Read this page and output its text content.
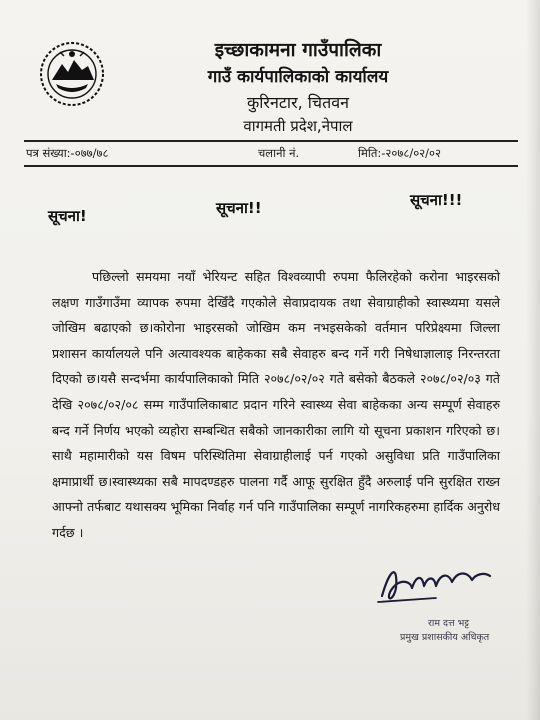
इच्छाकामना गाउँपालिका
गाउँ कार्यपालिकाको कार्यालय
कुरिनटार, चितवन
वागमती प्रदेश,नेपाल
पत्र संख्या:-०७७/७८	चलानी नं.	मिति:-२०७८/०२/०२
सूचना!	सूचना!!	सूचना!!!

पछिल्लो समयमा नयाँ भेरियन्ट सहित विश्वव्यापी रुपमा फैलिरहेको करोना भाइरसको लक्षण गाउँगाउँमा व्यापक रुपमा देखिँदै गएकोले सेवाप्रदायक तथा सेवाग्राहीको स्वास्थ्यमा यसले जोखिम बढाएको छ।कोरोना भाइरसको जोखिम कम नभइसकेको वर्तमान परिप्रेक्ष्यमा जिल्ला प्रशासन कार्यालयले पनि अत्यावश्यक बाहेकका सबै सेवाहरु बन्द गर्ने गरी निषेधाज्ञालाइ निरन्तरता दिएको छ।यसै सन्दर्भमा कार्यपालिकाको मिति २०७८/०२/०२ गते बसेको बैठकले २०७८/०२/०३ गते देखि २०७८/०२/०८ सम्म गाउँपालिकाबाट प्रदान गरिने स्वास्थ्य सेवा बाहेकका अन्य सम्पूर्ण सेवाहरु बन्द गर्ने निर्णय भएको व्यहोरा सम्बन्धित सबैको जानकारीका लागि यो सूचना प्रकाशन गरिएको छ।साथै महामारीको यस विषम परिस्थितिमा सेवाग्राहीलाई पर्न गएको असुविधा प्रति गाउँपालिका क्षमाप्रार्थी छ।स्वास्थ्यका सबै मापदण्डहरु पालना गर्दै आफू सुरक्षित हुँदै अरुलाई पनि सुरक्षित राख्न आफ्नो तर्फबाट यथासक्य भूमिका निर्वाह गर्न पनि गाउँपालिका सम्पूर्ण नागरिकहरुमा हार्दिक अनुरोध गर्दछ ।

राम दत्त भट्ट
प्रमुख प्रशासकीय अधिकृत
